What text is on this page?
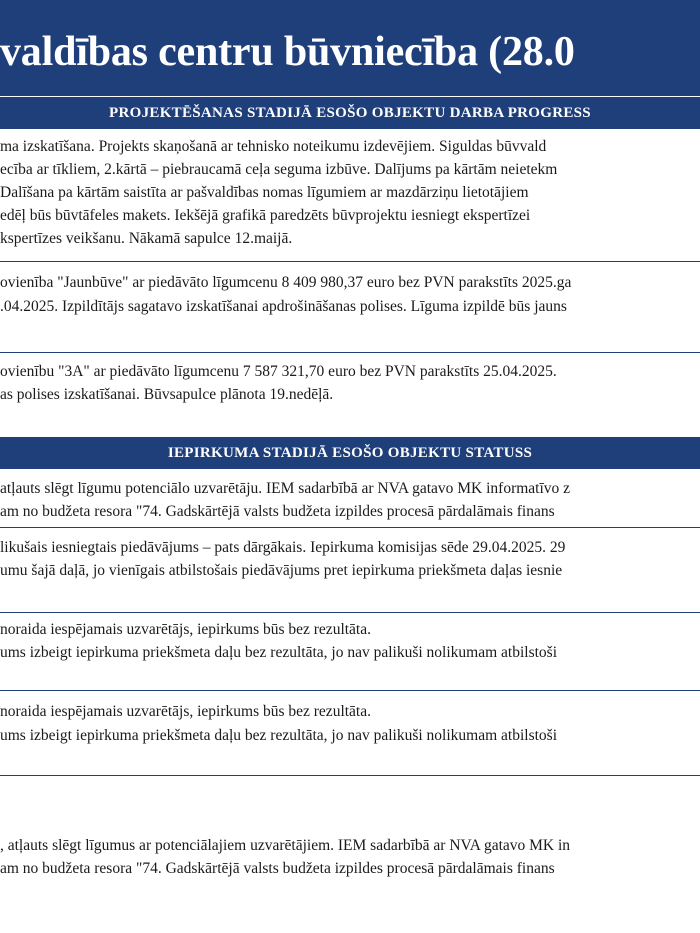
valdības centru būvniecība (28.0
PROJEKTĒŠANAS STADIJĀ ESOŠO OBJEKTU DARBA PROGRESS
ma izskatīšana. Projekts skaņošanā ar tehnisko noteikumu izdevējiem. Siguldas būvvald
ecība ar tīkliem, 2.kārtā – piebraucamā ceļa seguma izbūve. Dalījums pa kārtām neietekm
Dalīšana pa kārtām saistīta ar pašvaldības nomas līgumiem ar mazdārziņu lietotājiem
edēļ būs būvtāfeles makets. Iekšējā grafikā paredzēts būvprojektu iesniegt ekspertīzei
kspertīzes veikšanu. Nākamā sapulce 12.maijā.
ovienība "Jaunbūve" ar piedāvāto līgumcenu 8 409 980,37 euro bez PVN parakstīts 2025.ga
.04.2025. Izpildītājs sagatavo izskatīšanai apdrošināšanas polises. Līguma izpildē būs jauns
ovienību "3A" ar piedāvāto līgumcenu 7 587 321,70 euro bez PVN parakstīts 25.04.2025.
as polises izskatīšanai. Būvsapulce plānota 19.nedēļā.
IEPIRKUMA STADIJĀ ESOŠO OBJEKTU STATUSS
atļauts slēgt līgumu potenciālo uzvarētāju. IEM sadarbībā ar NVA gatavo MK informatīvo z
am no budžeta resora "74. Gadskārtējā valsts budžeta izpildes procesā pārdalāmais finans
likušais iesniegtais piedāvājums – pats dārgākais. Iepirkuma komisijas sēde 29.04.2025. 29
umu šajā daļā, jo vienīgais atbilstošais piedāvājums pret iepirkuma priekšmeta daļas iesnie
noraida iespējamais uzvarētājs, iepirkums būs bez rezultāta.
ums izbeigt iepirkuma priekšmeta daļu bez rezultāta, jo nav palikuši nolikumam atbilstoši
noraida iespējamais uzvarētājs, iepirkums būs bez rezultāta.
ums izbeigt iepirkuma priekšmeta daļu bez rezultāta, jo nav palikuši nolikumam atbilstoši
, atļauts slēgt līgumus ar potenciālajiem uzvarētājiem. IEM sadarbībā ar NVA gatavo MK in
am no budžeta resora "74. Gadskārtējā valsts budžeta izpildes procesā pārdalāmais finans
